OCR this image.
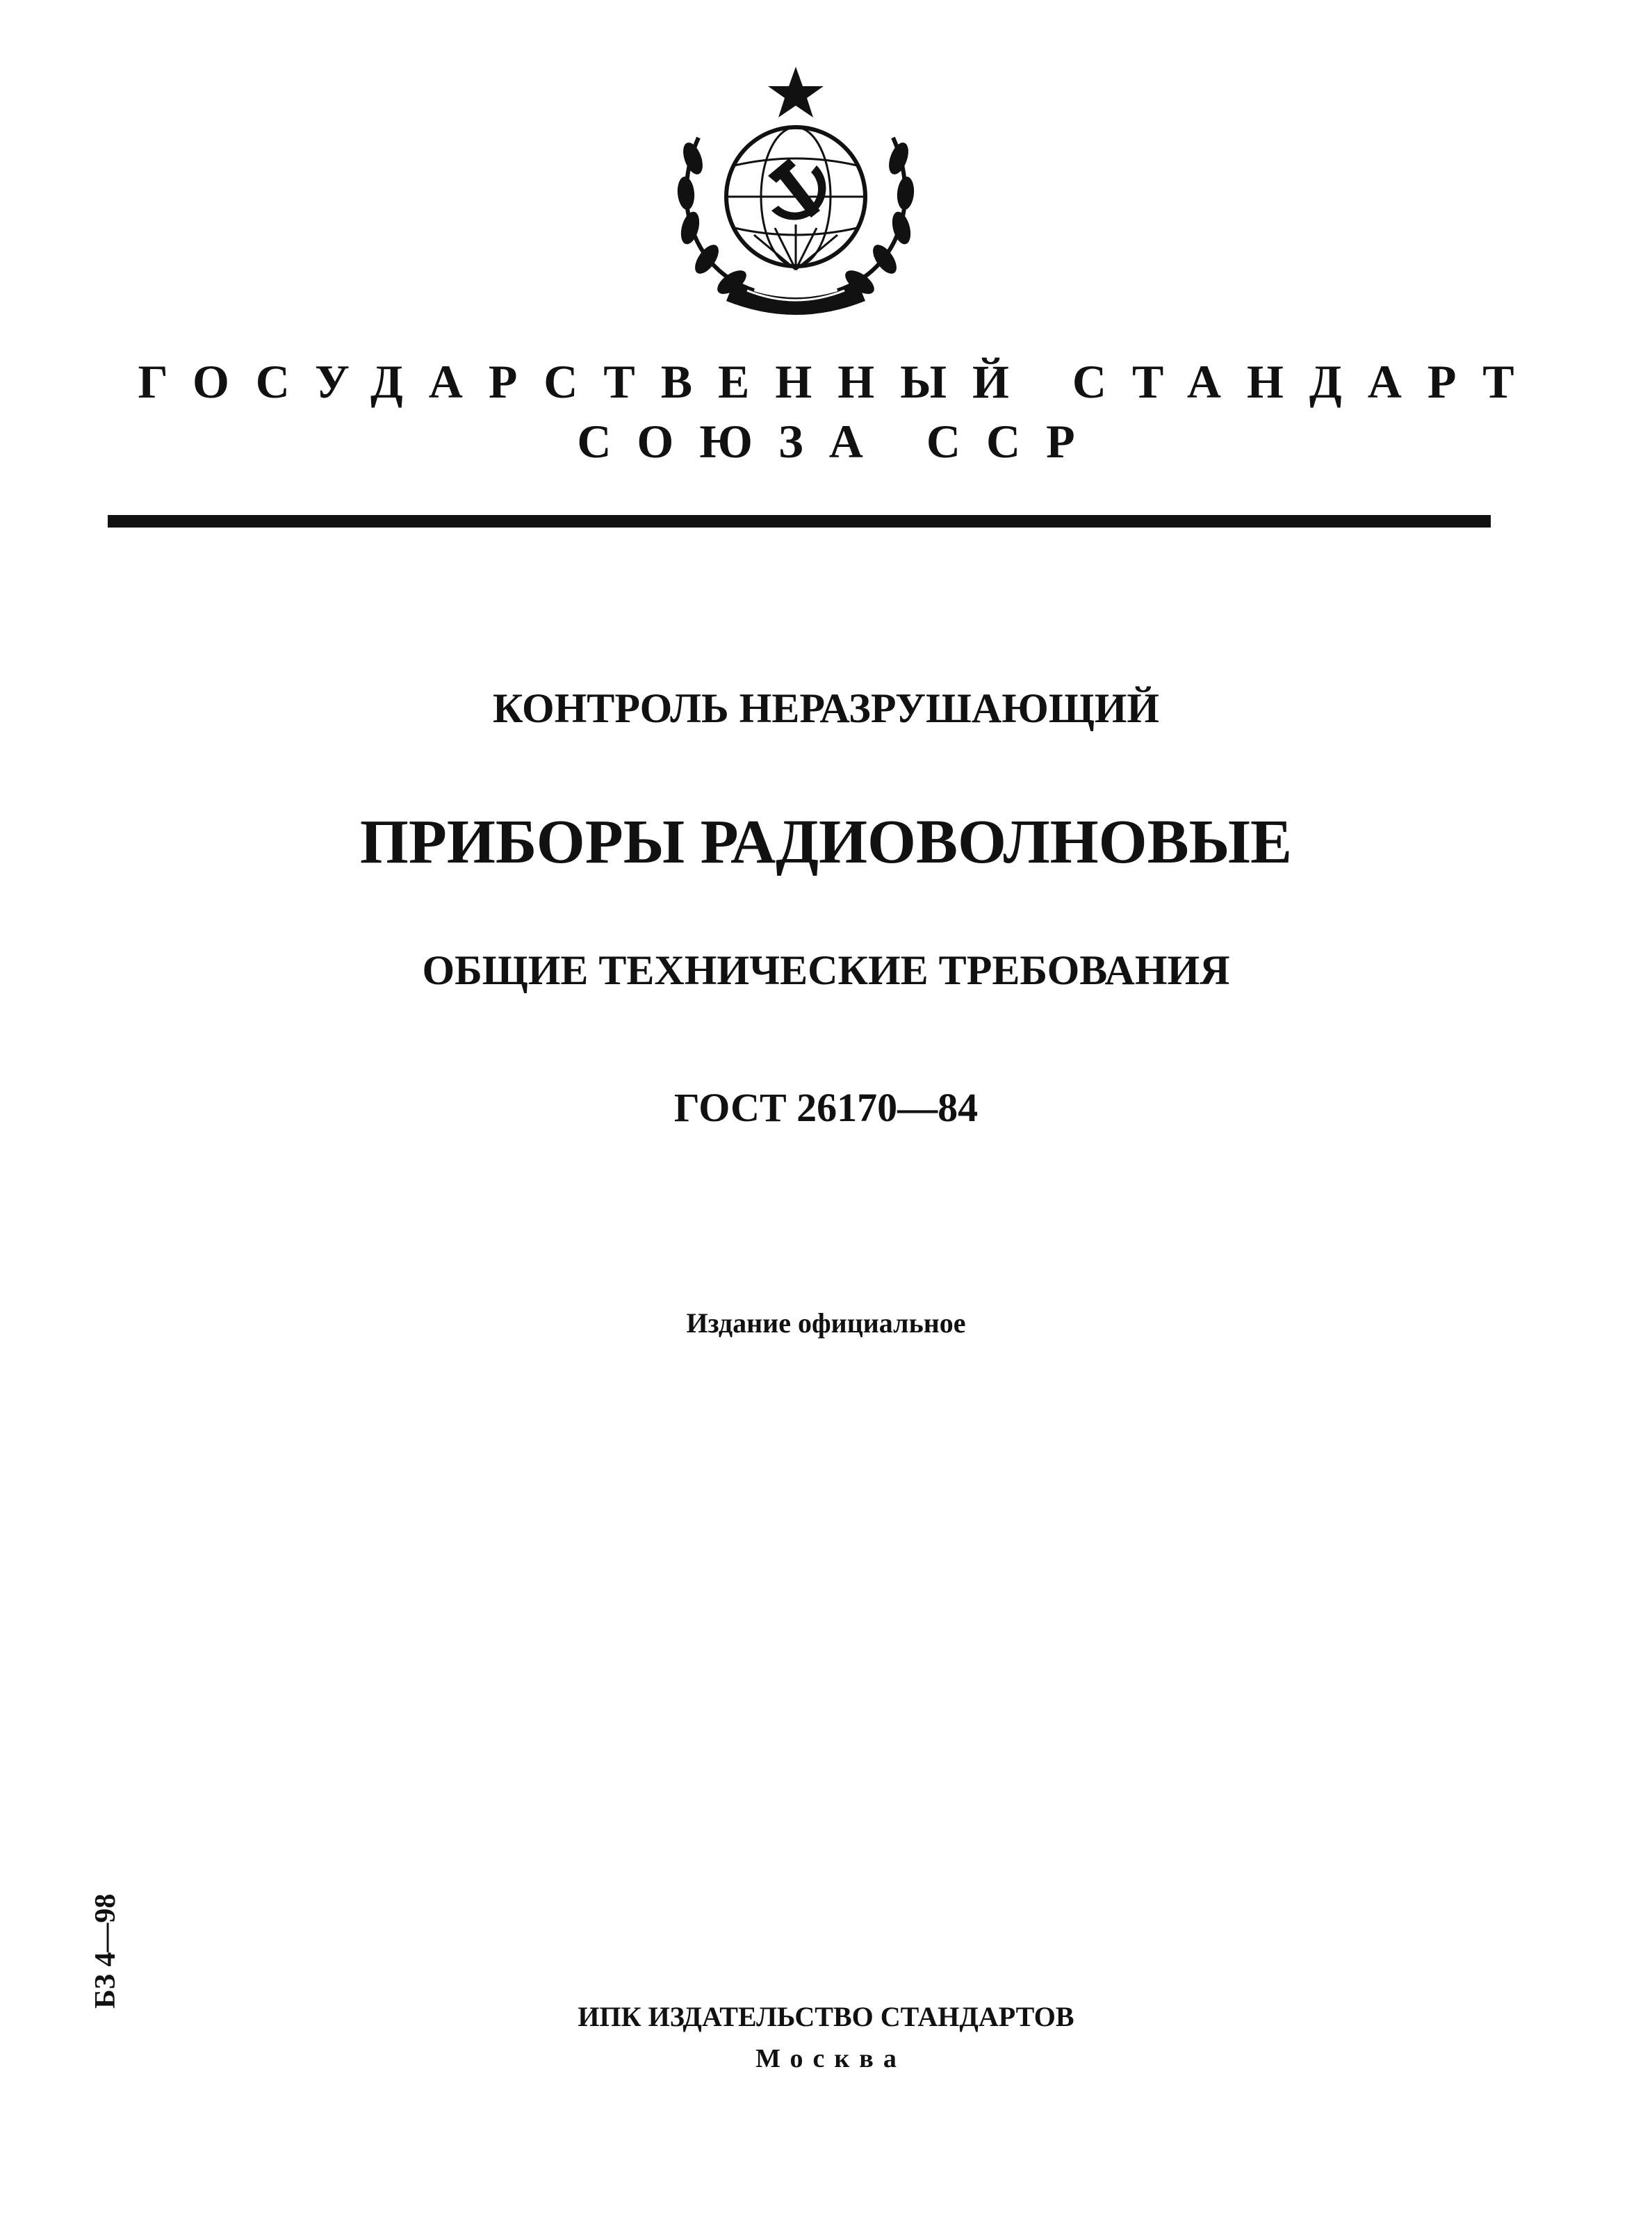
ГОСУДАРСТВЕННЫЙ СТАНДАРТ
СОЮЗА ССР
КОНТРОЛЬ НЕРАЗРУШАЮЩИЙ
ПРИБОРЫ РАДИОВОЛНОВЫЕ
ОБЩИЕ ТЕХНИЧЕСКИЕ ТРЕБОВАНИЯ
ГОСТ 26170—84
Издание официальное
БЗ 4—98
ИПК ИЗДАТЕЛЬСТВО СТАНДАРТОВ
Москва
